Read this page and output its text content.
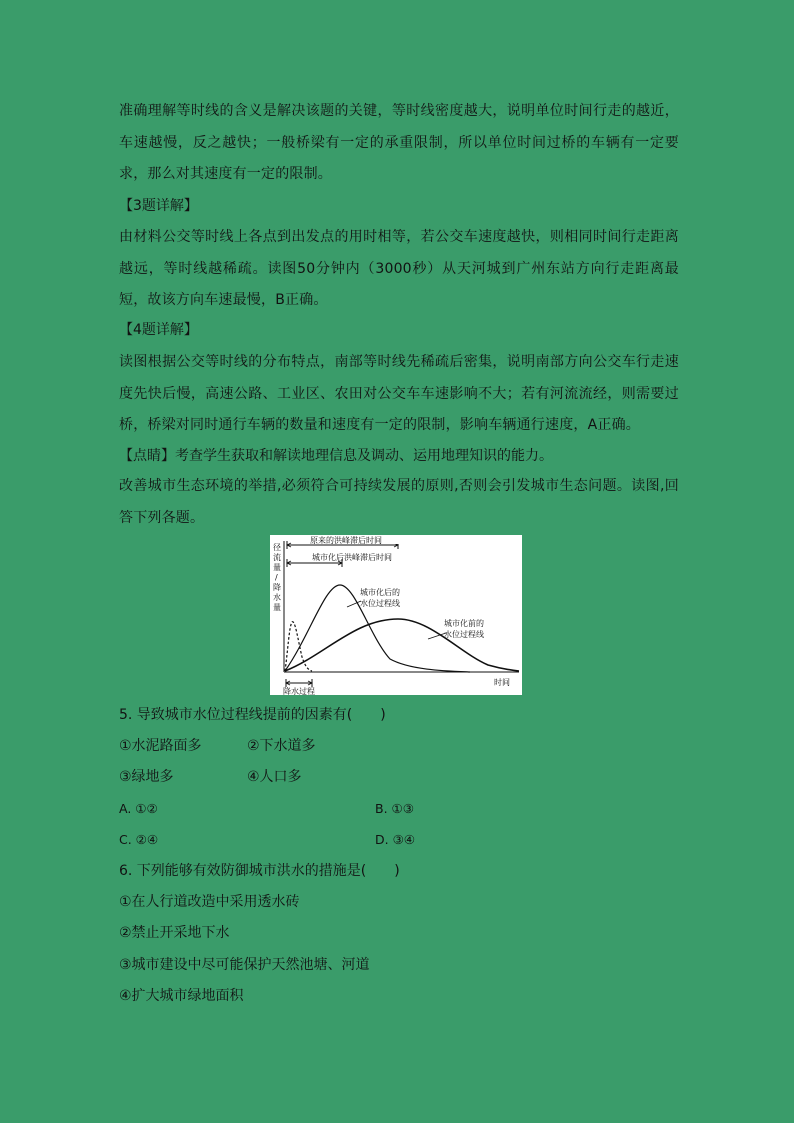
准确理解等时线的含义是解决该题的关键，等时线密度越大，说明单位时间行走的越近，车速越慢，反之越快；一般桥梁有一定的承重限制，所以单位时间过桥的车辆有一定要求，那么对其速度有一定的限制。

【3题详解】

由材料公交等时线上各点到出发点的用时相等，若公交车速度越快，则相同时间行走距离越远，等时线越稀疏。读图50分钟内（3000秒）从天河城到广州东站方向行走距离最短，故该方向车速最慢，B正确。

【4题详解】

读图根据公交等时线的分布特点，南部等时线先稀疏后密集，说明南部方向公交车行走速度先快后慢，高速公路、工业区、农田对公交车车速影响不大；若有河流流经，则需要过桥，桥梁对同时通行车辆的数量和速度有一定的限制，影响车辆通行速度，A正确。

【点睛】考查学生获取和解读地理信息及调动、运用地理知识的能力。

改善城市生态环境的举措,必须符合可持续发展的原则,否则会引发城市生态问题。读图,回答下列各题。

径
流
量
/
降
水
量
原来的洪峰滞后时间
城市化后洪峰滞后时间
城市化后的
水位过程线
城市化前的
水位过程线
降水过程
时间
5. 导致城市水位过程线提前的因素有(　　)
①水泥路面多	②下水道多
③绿地多	④人口多
A. ①②	B. ①③
C. ②④	D. ③④
6. 下列能够有效防御城市洪水的措施是(　　)
①在人行道改造中采用透水砖
②禁止开采地下水
③城市建设中尽可能保护天然池塘、河道
④扩大城市绿地面积
